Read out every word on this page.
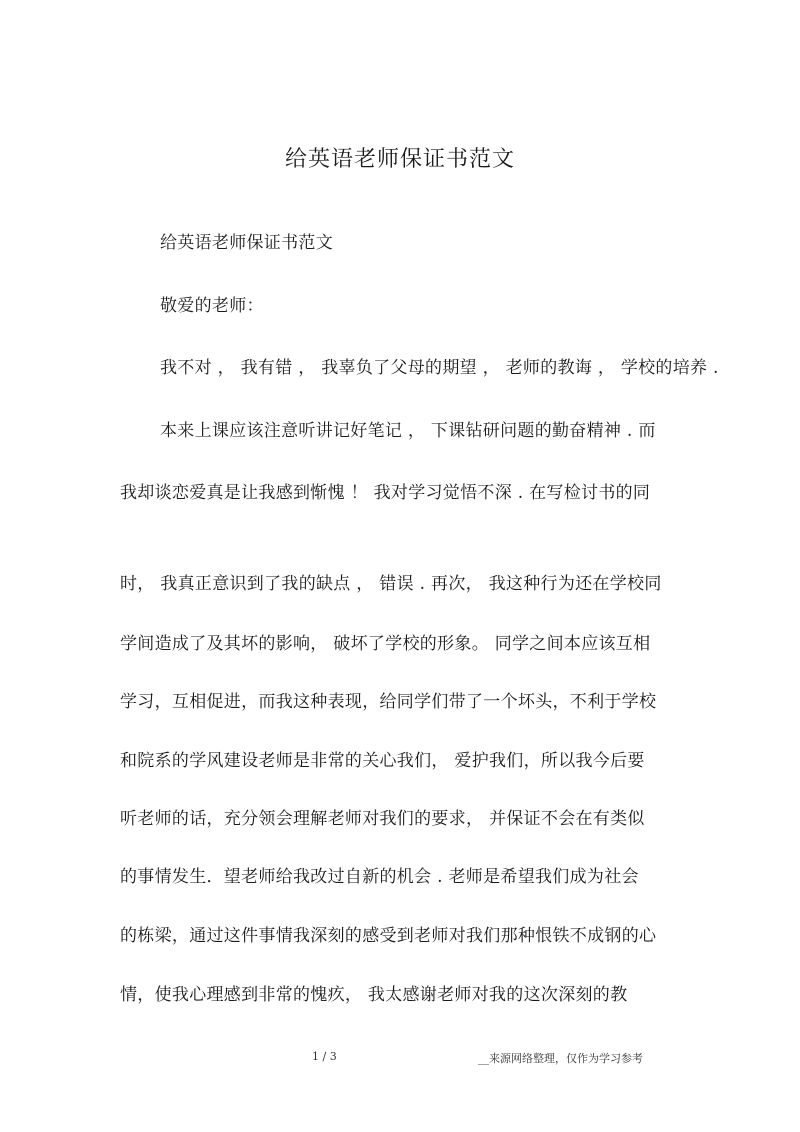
给英语老师保证书范文
给英语老师保证书范文
敬爱的老师：
我不对 ， 我有错 ， 我辜负了父母的期望 ， 老师的教诲 ， 学校的培养 .
本来上课应该注意听讲记好笔记 ， 下课钻研问题的勤奋精神 . 而
我却谈恋爱真是让我感到惭愧 ！ 我对学习觉悟不深 . 在写检讨书的同
时， 我真正意识到了我的缺点 ， 错误 . 再次， 我这种行为还在学校同
学间造成了及其坏的影响， 破坏了学校的形象。 同学之间本应该互相
学习，互相促进，而我这种表现，给同学们带了一个坏头，不利于学校
和院系的学风建设老师是非常的关心我们， 爱护我们，所以我今后要
听老师的话，充分领会理解老师对我们的要求， 并保证不会在有类似
的事情发生．望老师给我改过自新的机会 . 老师是希望我们成为社会
的栋梁，通过这件事情我深刻的感受到老师对我们那种恨铁不成钢的心
情，使我心理感到非常的愧疚， 我太感谢老师对我的这次深刻的教
1 / 3	__来源网络整理，仅作为学习参考
